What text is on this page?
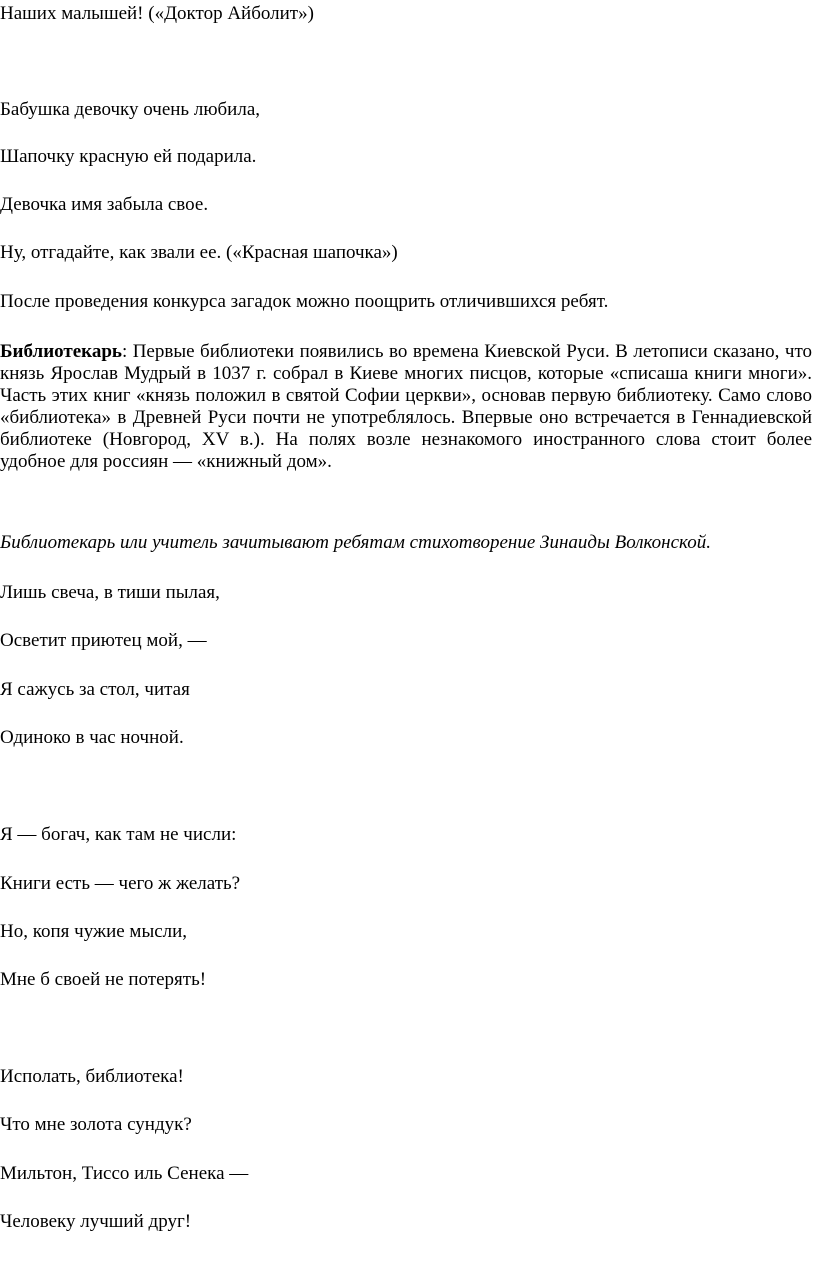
Наших малышей! («Доктор Айболит»)
Бабушка девочку очень любила,
Шапочку красную ей подарила.
Девочка имя забыла свое.
Ну, отгадайте, как звали ее. («Красная шапочка»)
После проведения конкурса загадок можно поощрить отличившихся ребят.
Библиотекарь: Первые библиотеки появились во времена Киевской Руси. В летописи сказано, что князь Ярослав Мудрый в 1037 г. собрал в Киеве многих писцов, которые «списаша книги многи». Часть этих книг «князь положил в святой Софии церкви», основав первую библиотеку. Само слово «библиотека» в Древней Руси почти не употреблялось. Впервые оно встречается в Геннадиевской библиотеке (Новгород, XV в.). На полях возле незнакомого иностранного слова стоит более удобное для россиян — «книжный дом».
Библиотекарь или учитель зачитывают ребятам стихотворение Зинаиды Волконской.
Лишь свеча, в тиши пылая,
Осветит приютец мой, —
Я сажусь за стол, читая
Одиноко в час ночной.
Я — богач, как там не числи:
Книги есть — чего ж желать?
Но, копя чужие мысли,
Мне б своей не потерять!
Исполать, библиотека!
Что мне золота сундук?
Мильтон, Тиссо иль Сенека —
Человеку лучший друг!
